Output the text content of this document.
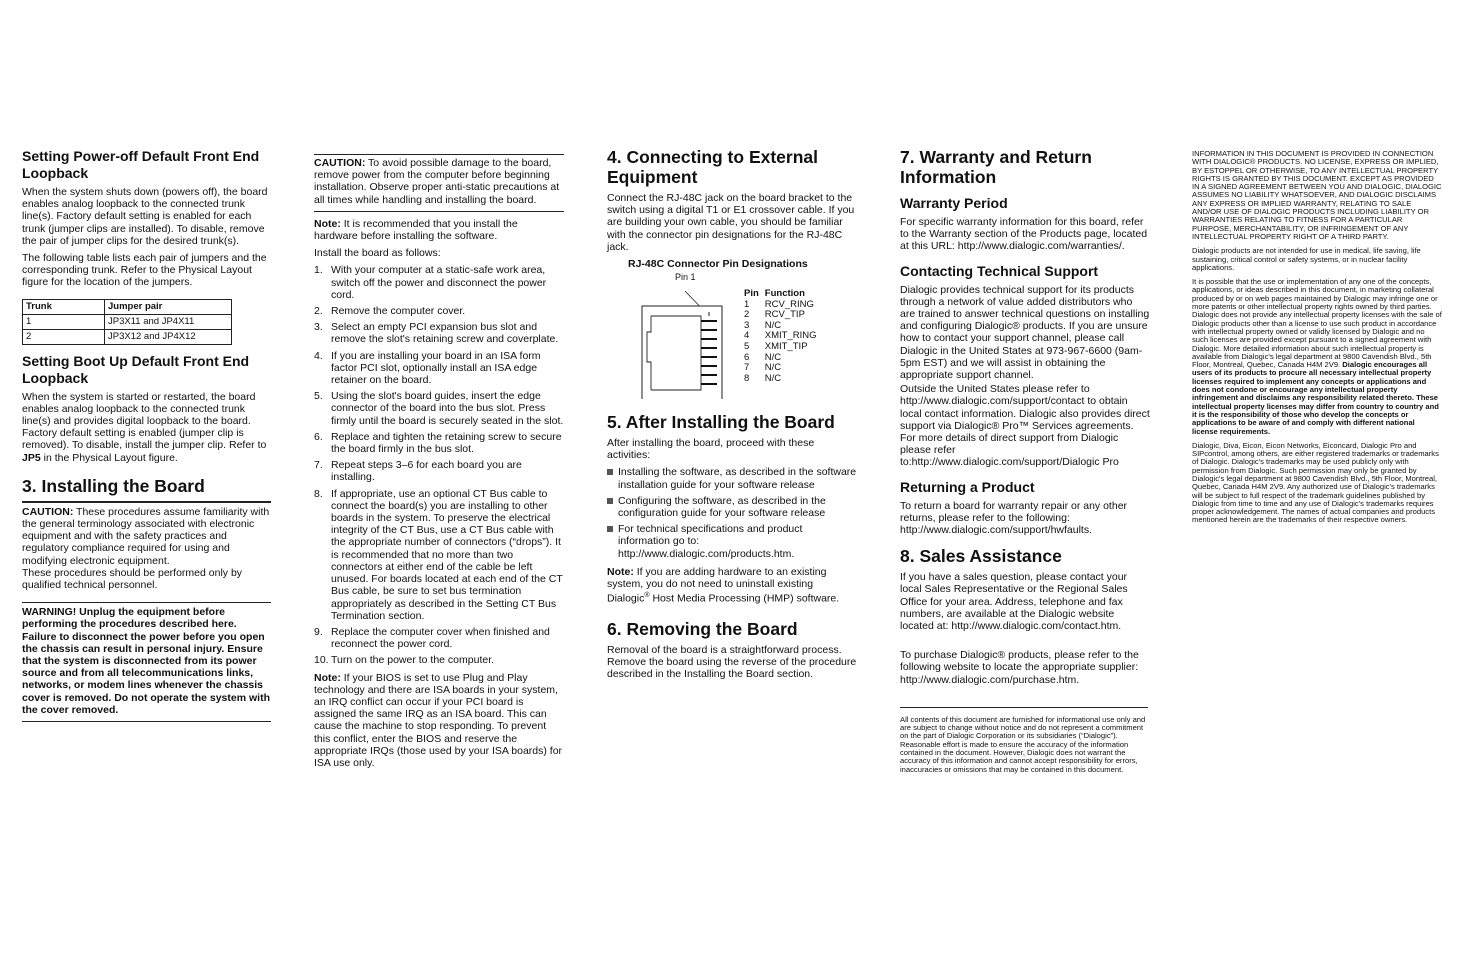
Setting Power-off Default Front End Loopback

When the system shuts down (powers off), the board enables analog loopback to the connected trunk line(s). Factory default setting is enabled for each trunk (jumper clips are installed). To disable, remove the pair of jumper clips for the desired trunk(s).

The following table lists each pair of jumpers and the corresponding trunk. Refer to the Physical Layout figure for the location of the jumpers.

Trunk	Jumper pair
1	JP3X11 and JP4X11
2	JP3X12 and JP4X12
Setting Boot Up Default Front End Loopback

When the system is started or restarted, the board enables analog loopback to the connected trunk line(s) and provides digital loopback to the board. Factory default setting is enabled (jumper clip is removed). To disable, install the jumper clip. Refer to JP5 in the Physical Layout figure.

3. Installing the Board

CAUTION: These procedures assume familiarity with the general terminology associated with electronic equipment and with the safety practices and regulatory compliance required for using and modifying electronic equipment.

These procedures should be performed only by qualified technical personnel.

WARNING! Unplug the equipment before performing the procedures described here. Failure to disconnect the power before you open the chassis can result in personal injury. Ensure that the system is disconnected from its power source and from all telecommunications links, networks, or modem lines whenever the chassis cover is removed. Do not operate the system with the cover removed.

CAUTION: To avoid possible damage to the board, remove power from the computer before beginning installation. Observe proper anti-static precautions at all times while handling and installing the board.

Note: It is recommended that you install the hardware before installing the software.

Install the board as follows:

1. With your computer at a static-safe work area, switch off the power and disconnect the power cord.
2. Remove the computer cover.
3. Select an empty PCI expansion bus slot and remove the slot's retaining screw and coverplate.
4. If you are installing your board in an ISA form factor PCI slot, optionally install an ISA edge retainer on the board.
5. Using the slot's board guides, insert the edge connector of the board into the bus slot. Press firmly until the board is securely seated in the slot.
6. Replace and tighten the retaining screw to secure the board firmly in the bus slot.
7. Repeat steps 3–6 for each board you are installing.
8. If appropriate, use an optional CT Bus cable to connect the board(s) you are installing to other boards in the system. To preserve the electrical integrity of the CT Bus, use a CT Bus cable with the appropriate number of connectors (“drops”). It is recommended that no more than two connectors at either end of the cable be left unused. For boards located at each end of the CT Bus cable, be sure to set bus termination appropriately as described in the Setting CT Bus Termination section.
9. Replace the computer cover when finished and reconnect the power cord.
10. Turn on the power to the computer.

Note: If your BIOS is set to use Plug and Play technology and there are ISA boards in your system, an IRQ conflict can occur if your PCI board is assigned the same IRQ as an ISA board. This can cause the machine to stop responding. To prevent this conflict, enter the BIOS and reserve the appropriate IRQs (those used by your ISA boards) for ISA use only.

4. Connecting to External Equipment

Connect the RJ-48C jack on the board bracket to the switch using a digital T1 or E1 crossover cable. If you are building your own cable, you should be familiar with the connector pin designations for the RJ-48C jack.

RJ-48C Connector Pin Designations
Pin 1
Pin	Function
1	RCV_RING
2	RCV_TIP
3	N/C
4	XMIT_RING
5	XMIT_TIP
6	N/C
7	N/C
8	N/C
5. After Installing the Board

After installing the board, proceed with these activities:

Installing the software, as described in the software installation guide for your software release
Configuring the software, as described in the configuration guide for your software release
For technical specifications and product information go to: http://www.dialogic.com/products.htm.

Note: If you are adding hardware to an existing system, you do not need to uninstall existing Dialogic® Host Media Processing (HMP) software.

6. Removing the Board

Removal of the board is a straightforward process. Remove the board using the reverse of the procedure described in the Installing the Board section.

7. Warranty and Return Information
Warranty Period

For specific warranty information for this board, refer to the Warranty section of the Products page, located at this URL: http://www.dialogic.com/warranties/.

Contacting Technical Support

Dialogic provides technical support for its products through a network of value added distributors who are trained to answer technical questions on installing and configuring Dialogic® products. If you are unsure how to contact your support channel, please call Dialogic in the United States at 973-967-6600 (9am-5pm EST) and we will assist in obtaining the appropriate support channel.

Outside the United States please refer to http://www.dialogic.com/support/contact to obtain local contact information. Dialogic also provides direct support via Dialogic® Pro™ Services agreements. For more details of direct support from Dialogic please refer to:http://www.dialogic.com/support/Dialogic Pro

Returning a Product

To return a board for warranty repair or any other returns, please refer to the following: http://www.dialogic.com/support/hwfaults.

8. Sales Assistance

If you have a sales question, please contact your local Sales Representative or the Regional Sales Office for your area. Address, telephone and fax numbers, are available at the Dialogic website located at: http://www.dialogic.com/contact.htm.

To purchase Dialogic® products, please refer to the following website to locate the appropriate supplier: http://www.dialogic.com/purchase.htm.

All contents of this document are furnished for informational use only and are subject to change without notice and do not represent a commitment on the part of Dialogic Corporation or its subsidiaries (“Dialogic”). Reasonable effort is made to ensure the accuracy of the information contained in the document. However, Dialogic does not warrant the accuracy of this information and cannot accept responsibility for errors, inaccuracies or omissions that may be contained in this document.

INFORMATION IN THIS DOCUMENT IS PROVIDED IN CONNECTION WITH DIALOGIC® PRODUCTS. NO LICENSE, EXPRESS OR IMPLIED, BY ESTOPPEL OR OTHERWISE, TO ANY INTELLECTUAL PROPERTY RIGHTS IS GRANTED BY THIS DOCUMENT. EXCEPT AS PROVIDED IN A SIGNED AGREEMENT BETWEEN YOU AND DIALOGIC, DIALOGIC ASSUMES NO LIABILITY WHATSOEVER, AND DIALOGIC DISCLAIMS ANY EXPRESS OR IMPLIED WARRANTY, RELATING TO SALE AND/OR USE OF DIALOGIC PRODUCTS INCLUDING LIABILITY OR WARRANTIES RELATING TO FITNESS FOR A PARTICULAR PURPOSE, MERCHANTABILITY, OR INFRINGEMENT OF ANY INTELLECTUAL PROPERTY RIGHT OF A THIRD PARTY.

Dialogic products are not intended for use in medical, life saving, life sustaining, critical control or safety systems, or in nuclear facility applications.

It is possible that the use or implementation of any one of the concepts, applications, or ideas described in this document, in marketing collateral produced by or on web pages maintained by Dialogic may infringe one or more patents or other intellectual property rights owned by third parties. Dialogic does not provide any intellectual property licenses with the sale of Dialogic products other than a license to use such product in accordance with intellectual property owned or validly licensed by Dialogic and no such licenses are provided except pursuant to a signed agreement with Dialogic. More detailed information about such intellectual property is available from Dialogic's legal department at 9800 Cavendish Blvd., 5th Floor, Montreal, Quebec, Canada H4M 2V9. Dialogic encourages all users of its products to procure all necessary intellectual property licenses required to implement any concepts or applications and does not condone or encourage any intellectual property infringement and disclaims any responsibility related thereto. These intellectual property licenses may differ from country to country and it is the responsibility of those who develop the concepts or applications to be aware of and comply with different national license requirements.

Dialogic, Diva, Eicon, Eicon Networks, Eiconcard, Dialogic Pro and SIPcontrol, among others, are either registered trademarks or trademarks of Dialogic. Dialogic's trademarks may be used publicly only with permission from Dialogic. Such permission may only be granted by Dialogic's legal department at 9800 Cavendish Blvd., 5th Floor, Montreal, Quebec, Canada H4M 2V9. Any authorized use of Dialogic's trademarks will be subject to full respect of the trademark guidelines published by Dialogic from time to time and any use of Dialogic's trademarks requires proper acknowledgement. The names of actual companies and products mentioned herein are the trademarks of their respective owners.
